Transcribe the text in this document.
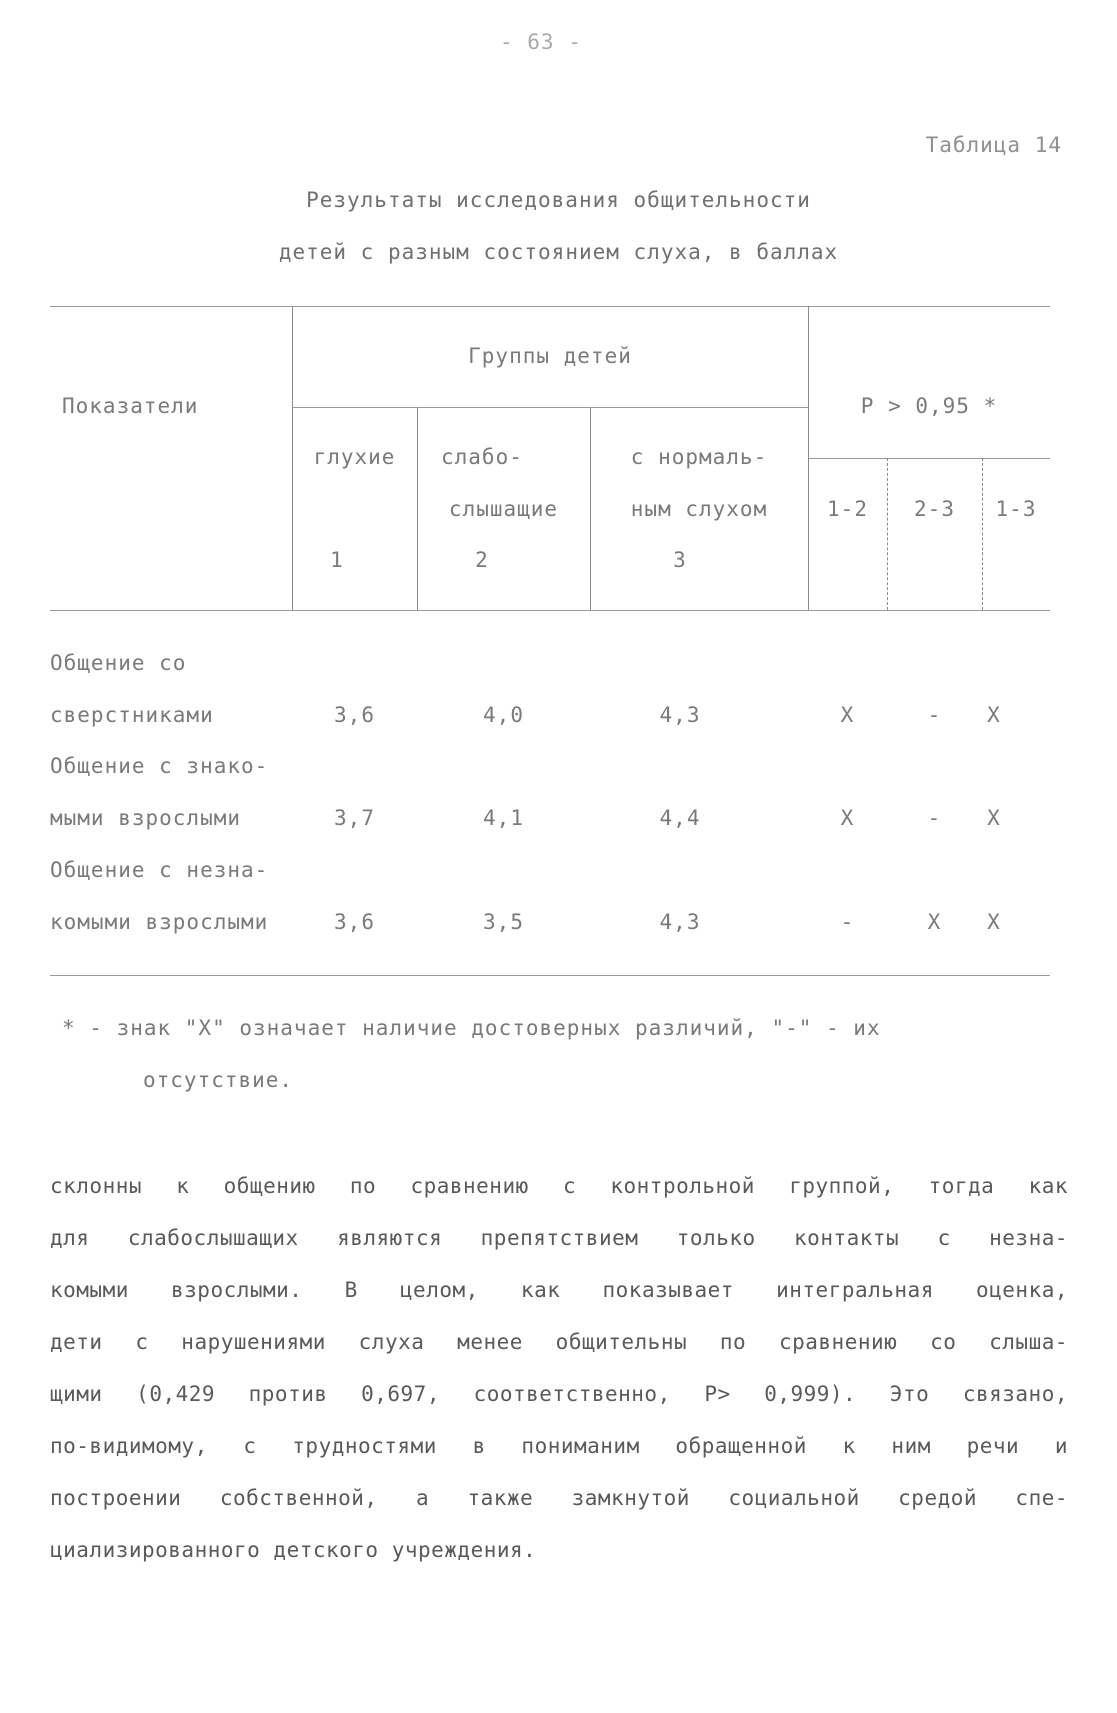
- 63 -
Таблица 14
Результаты исследования общительности
детей с разным состоянием слуха, в баллах
Показатели
Группы детей
P > 0,95 *
глухие
1
слабо-
слышащие
2
с нормаль-
ным слухом
3
1-2	2-3	1-3
Общение со
сверстниками	3,6	4,0	4,3	X	-	X
Общение с знако-
мыми взрослыми	3,7	4,1	4,4	X	-	X
Общение с незна-
комыми взрослыми	3,6	3,5	4,3	-	X	X
* - знак "X" означает наличие достоверных различий, "-" - их
отсутствие.
склонны к общению по сравнению с контрольной группой, тогда как
для слабослышащих являются препятствием только контакты с незна-
комыми взрослыми. В целом, как показывает интегральная оценка,
дети с нарушениями слуха менее общительны по сравнению со слыша-
щими (0,429 против 0,697, соответственно, P> 0,999). Это связано,
по-видимому, с трудностями в пониманим обращенной к ним речи и
построении собственной, а также замкнутой социальной средой спе-
циализированного детского учреждения.
